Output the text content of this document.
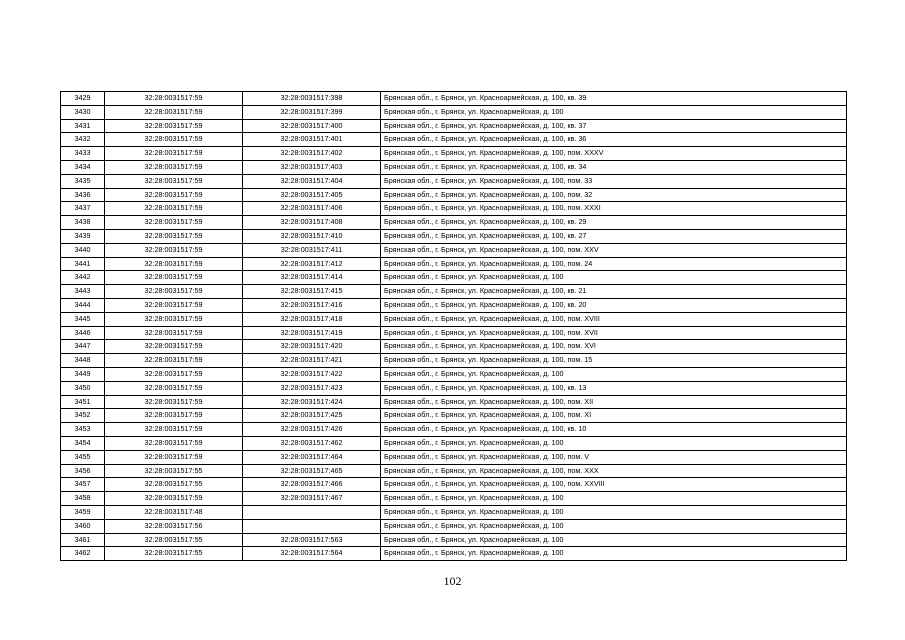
3429	32:28:0031517:59	32:28:0031517:398	Брянская обл., г. Брянск, ул. Красноармейская, д. 100, кв. 39
3430	32:28:0031517:59	32:28:0031517:399	Брянская обл., г. Брянск, ул. Красноармейская, д. 100
3431	32:28:0031517:59	32:28:0031517:400	Брянская обл., г. Брянск, ул. Красноармейская, д. 100, кв. 37
3432	32:28:0031517:59	32:28:0031517:401	Брянская обл., г. Брянск, ул. Красноармейская, д. 100, кв. 36
3433	32:28:0031517:59	32:28:0031517:402	Брянская обл., г. Брянск, ул. Красноармейская, д. 100, пом. XXXV
3434	32:28:0031517:59	32:28:0031517:403	Брянская обл., г. Брянск, ул. Красноармейская, д. 100, кв. 34
3435	32:28:0031517:59	32:28:0031517:404	Брянская обл., г. Брянск, ул. Красноармейская, д. 100, пом. 33
3436	32:28:0031517:59	32:28:0031517:405	Брянская обл., г. Брянск, ул. Красноармейская, д. 100, пом. 32
3437	32:28:0031517:59	32:28:0031517:406	Брянская обл., г. Брянск, ул. Красноармейская, д. 100, пом. XXXI
3438	32:28:0031517:59	32:28:0031517:408	Брянская обл., г. Брянск, ул. Красноармейская, д. 100, кв. 29
3439	32:28:0031517:59	32:28:0031517:410	Брянская обл., г. Брянск, ул. Красноармейская, д. 100, кв. 27
3440	32:28:0031517:59	32:28:0031517:411	Брянская обл., г. Брянск, ул. Красноармейская, д. 100, пом. XXV
3441	32:28:0031517:59	32:28:0031517:412	Брянская обл., г. Брянск, ул. Красноармейская, д. 100, пом. 24
3442	32:28:0031517:59	32:28:0031517:414	Брянская обл., г. Брянск, ул. Красноармейская, д. 100
3443	32:28:0031517:59	32:28:0031517:415	Брянская обл., г. Брянск, ул. Красноармейская, д. 100, кв. 21
3444	32:28:0031517:59	32:28:0031517:416	Брянская обл., г. Брянск, ул. Красноармейская, д. 100, кв. 20
3445	32:28:0031517:59	32:28:0031517:418	Брянская обл., г. Брянск, ул. Красноармейская, д. 100, пом. XVIII
3446	32:28:0031517:59	32:28:0031517:419	Брянская обл., г. Брянск, ул. Красноармейская, д. 100, пом. XVII
3447	32:28:0031517:59	32:28:0031517:420	Брянская обл., г. Брянск, ул. Красноармейская, д. 100, пом. XVI
3448	32:28:0031517:59	32:28:0031517:421	Брянская обл., г. Брянск, ул. Красноармейская, д. 100, пом. 15
3449	32:28:0031517:59	32:28:0031517:422	Брянская обл., г. Брянск, ул. Красноармейская, д. 100
3450	32:28:0031517:59	32:28:0031517:423	Брянская обл., г. Брянск, ул. Красноармейская, д. 100, кв. 13
3451	32:28:0031517:59	32:28:0031517:424	Брянская обл., г. Брянск, ул. Красноармейская, д. 100, пом. XII
3452	32:28:0031517:59	32:28:0031517:425	Брянская обл., г. Брянск, ул. Красноармейская, д. 100, пом. XI
3453	32:28:0031517:59	32:28:0031517:426	Брянская обл., г. Брянск, ул. Красноармейская, д. 100, кв. 10
3454	32:28:0031517:59	32:28:0031517:462	Брянская обл., г. Брянск, ул. Красноармейская, д. 100
3455	32:28:0031517:59	32:28:0031517:464	Брянская обл., г. Брянск, ул. Красноармейская, д. 100, пом. V
3456	32:28:0031517:55	32:28:0031517:465	Брянская обл., г. Брянск, ул. Красноармейская, д. 100, пом. XXX
3457	32:28:0031517:55	32:28:0031517:466	Брянская обл., г. Брянск, ул. Красноармейская, д. 100, пом. XXVIII
3458	32:28:0031517:59	32:28:0031517:467	Брянская обл., г. Брянск, ул. Красноармейская, д. 100
3459	32:28:0031517:48		Брянская обл., г. Брянск, ул. Красноармейская, д. 100
3460	32:28:0031517:56		Брянская обл., г. Брянск, ул. Красноармейская, д. 100
3461	32:28:0031517:55	32:28:0031517:563	Брянская обл., г. Брянск, ул. Красноармейская, д. 100
3462	32:28:0031517:55	32:28:0031517:564	Брянская обл., г. Брянск, ул. Красноармейская, д. 100
102
